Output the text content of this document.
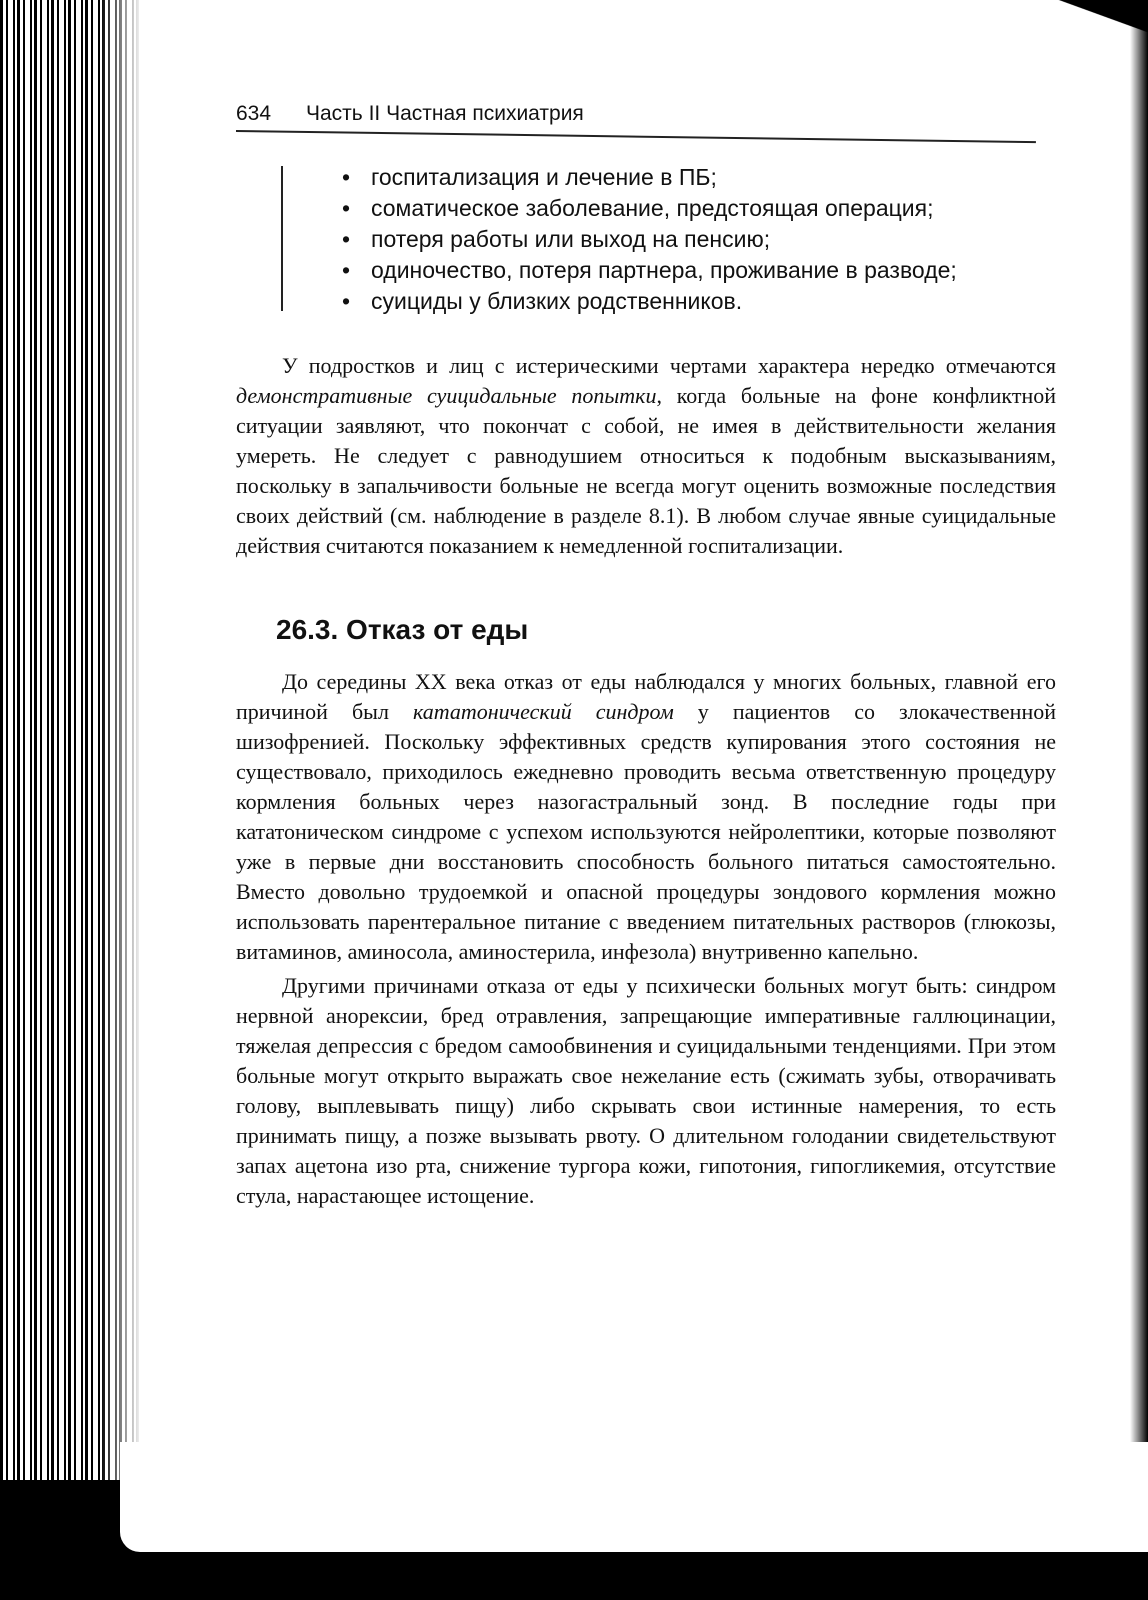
634 Часть II Частная психиатрия
• госпитализация и лечение в ПБ;
• соматическое заболевание, предстоящая операция;
• потеря работы или выход на пенсию;
• одиночество, потеря партнера, проживание в разводе;
• суициды у близких родственников.

У подростков и лиц с истерическими чертами характера нередко отмечаются демонстративные суицидальные попытки, когда больные на фоне конфликтной ситуации заявляют, что покончат с собой, не имея в действительности желания умереть. Не следует с равнодушием относиться к подобным высказываниям, поскольку в запальчивости больные не всегда могут оценить возможные последствия своих действий (см. наблюдение в разделе 8.1). В любом случае явные суицидальные действия считаются показанием к немедленной госпитализации.

26.3. Отказ от еды

До середины XX века отказ от еды наблюдался у многих больных, главной его причиной был кататонический синдром у пациентов со злокачественной шизофренией. Поскольку эффективных средств купирования этого состояния не существовало, приходилось ежедневно проводить весьма ответственную процедуру кормления больных через назогастральный зонд. В последние годы при кататоническом синдроме с успехом используются нейролептики, которые позволяют уже в первые дни восстановить способность больного питаться самостоятельно. Вместо довольно трудоемкой и опасной процедуры зондового кормления можно использовать парентеральное питание с введением питательных растворов (глюкозы, витаминов, аминосола, аминостерила, инфезола) внутривенно капельно.

Другими причинами отказа от еды у психически больных могут быть: синдром нервной анорексии, бред отравления, запрещающие императивные галлюцинации, тяжелая депрессия с бредом самообвинения и суицидальными тенденциями. При этом больные могут открыто выражать свое нежелание есть (сжимать зубы, отворачивать голову, выплевывать пищу) либо скрывать свои истинные намерения, то есть принимать пищу, а позже вызывать рвоту. О длительном голодании свидетельствуют запах ацетона изо рта, снижение тургора кожи, гипотония, гипогликемия, отсутствие стула, нарастающее истощение.
